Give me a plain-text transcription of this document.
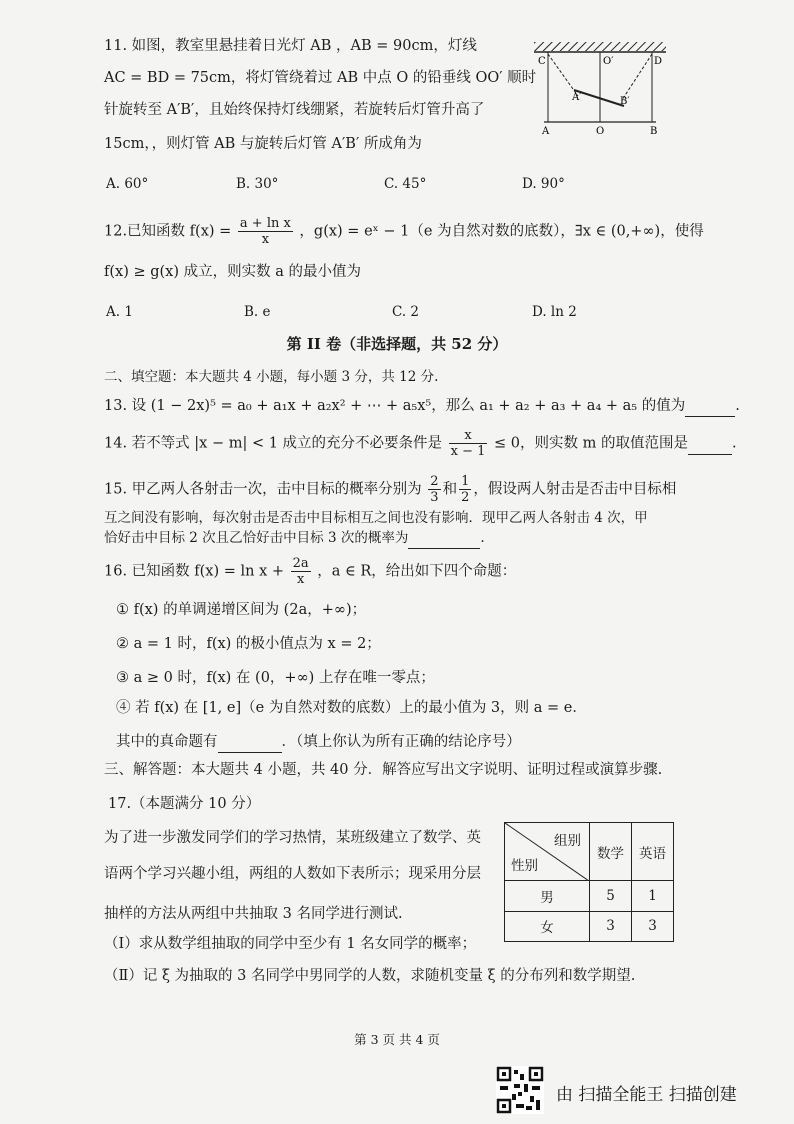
11. 如图，教室里悬挂着日光灯 AB ，AB = 90cm，灯线
AC = BD = 75cm，将灯管绕着过 AB 中点 O 的铅垂线 OO′ 顺时
针旋转至 A′B′，且始终保持灯线绷紧，若旋转后灯管升高了
15cm，，则灯管 AB 与旋转后灯管 A′B′ 所成角为
C	O′	D
A′	B′
A	O	B
A. 60°	B. 30°	C. 45°	D. 90°
12.已知函数 $f(x) = \frac{\text{a + ln x}}{x}$ ，g(x) = eˣ − 1（e 为自然对数的底数），∃x ∈ (0,+∞)，使得
f(x) ≥ g(x) 成立，则实数 a 的最小值为
A. 1	B. e	C. 2	D. ln 2
第 II 卷（非选择题，共 52 分）
二、填空题：本大题共 4 小题，每小题 3 分，共 12 分.
13. 设 (1 − 2x)⁵ = a₀ + a₁x + a₂x² + ⋯ + a₅x⁵，那么 a₁ + a₂ + a₃ + a₄ + a₅ 的值为	.
14. 若不等式 |x − m| < 1 成立的充分不必要条件是 $\frac{x}{x - 1} \le 0$，则实数 m 的取值范围是	.
15. 甲乙两人各射击一次，击中目标的概率分别为 $\frac{2}{3}$ 和 $\frac{1}{2}$ ，假设两人射击是否击中目标相
互之间没有影响，每次射击是否击中目标相互之间也没有影响．现甲乙两人各射击 4 次，甲
恰好击中目标 2 次且乙恰好击中目标 3 次的概率为	.
16. 已知函数 $f(x) = \ln x + \frac{2a}{x}$ ，a ∈ R，给出如下四个命题：
① f(x) 的单调递增区间为 (2a，+∞)；
② a = 1 时，f(x) 的极小值点为 x = 2；
③ a ≥ 0 时，f(x) 在 (0，+∞) 上存在唯一零点；
④ 若 f(x) 在 [1, e]（e 为自然对数的底数）上的最小值为 3，则 a = e．
其中的真命题有	．（填上你认为所有正确的结论序号）
三、解答题：本大题共 4 小题，共 40 分．解答应写出文字说明、证明过程或演算步骤.
17.（本题满分 10 分）
为了进一步激发同学们的学习热情，某班级建立了数学、英
语两个学习兴趣小组，两组的人数如下表所示；现采用分层
抽样的方法从两组中共抽取 3 名同学进行测试.
（Ⅰ）求从数学组抽取的同学中至少有 1 名女同学的概率；
（Ⅱ）记 ξ 为抽取的 3 名同学中男同学的人数，求随机变量 ξ 的分布列和数学期望.
组别
性别	数学	英语
男	5	1
女	3	3
第 3 页 共 4 页
由 扫描全能王 扫描创建
